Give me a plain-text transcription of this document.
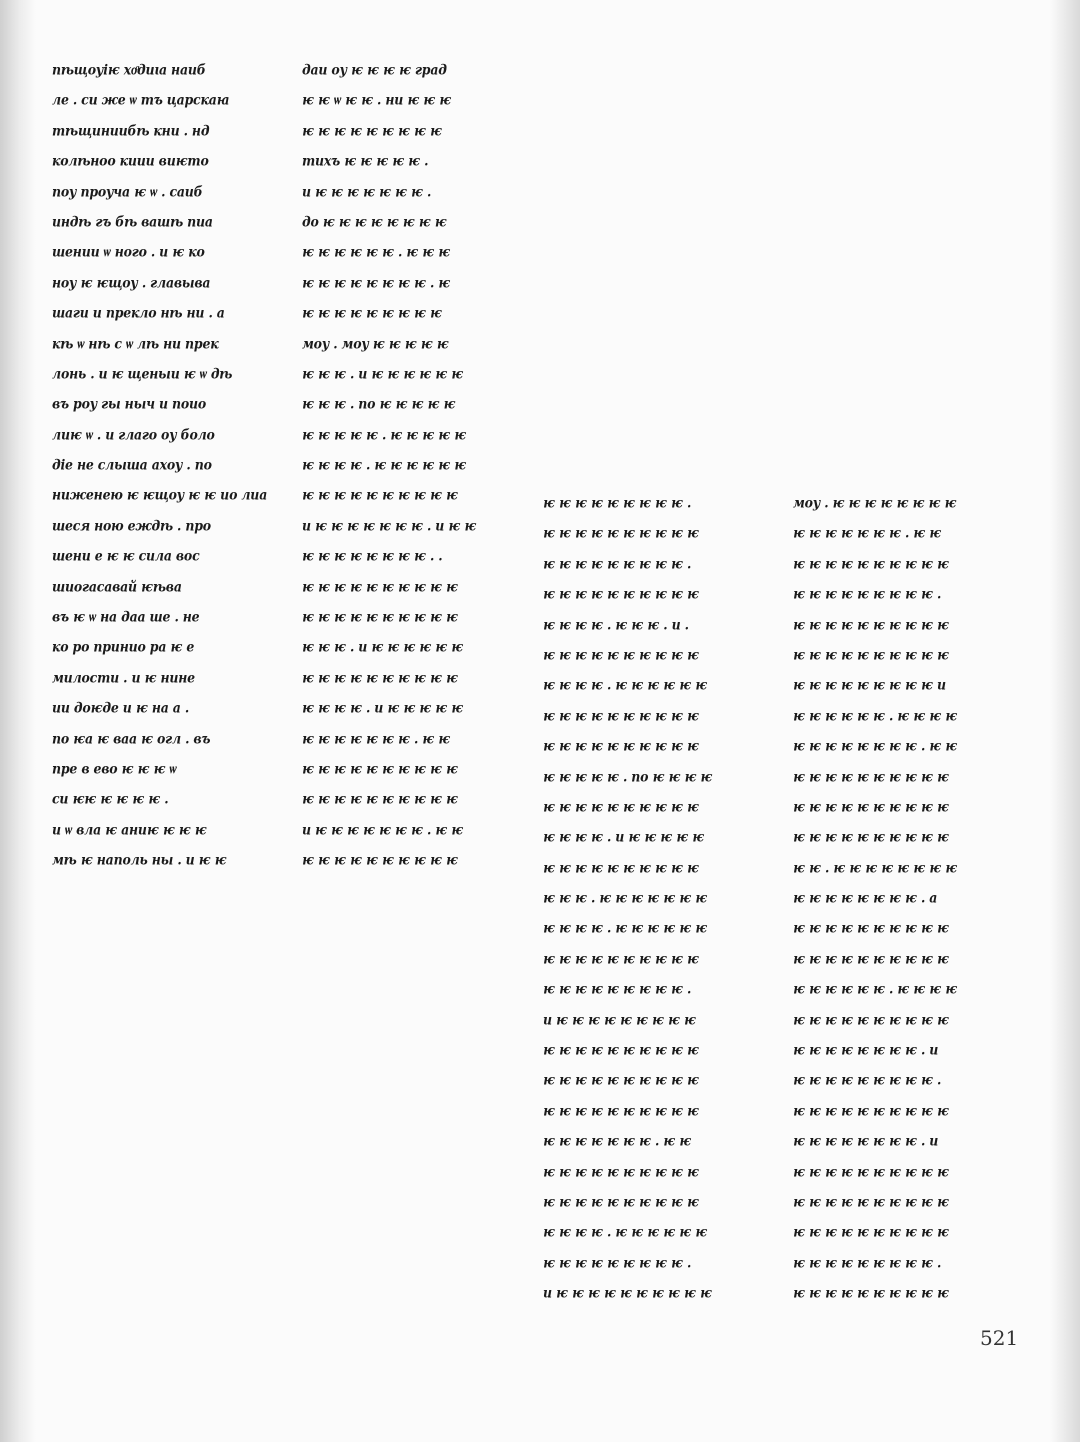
пѣщоуіѥ хоͣдиꙇа наиб
ле . си же ѡ тъ царскаꙗ
тѣщиниибѣ кни . нд
колѣноо киии виѥто
поу проуча ѥ ѡ . саиб
индѣ гъ бѣ вашѣ пиа
шении ѡ ного . и ѥ ко
ноу ѥ ѥщоу . главыва
шаги и прекло нѣ ни . а
кѣ ѡ нѣ с ѡ лѣ ни прек
лонь . и ѥ щеныи ѥ ѡ дѣ
въ роу гы ныч и поио
лиѥ ѡ . и глаго оу боло
діе не слыша ахоу . по
ниженею ѥ ѥщоу ѥ ѥ ио лиа
шеся ною еждѣ . про
шени е ѥ ѥ сила вос
шиогасавай ѥѣва
въ ѥ ѡ на даа ше . не
ко ро принио ра ѥ е
милости . и ѥ нине
ии доѥде и ѥ на а .
по ѥа ѥ ваа ѥ огл . въ
пре в ево ѥ ѥ ѥ ѡ
си ѥѥ ѥ ѥ ѥ ѥ .
и ѡ вла ѥ аниѥ ѥ ѥ ѥ
мѣ ѥ наполь ны . и ѥ ѥ
даи оу ѥ ѥ ѥ ѥ град
ѥ ѥ ѡ ѥ ѥ . ни ѥ ѥ ѥ
ѥ ѥ ѥ ѥ ѥ ѥ ѥ ѥ ѥ
тихъ ѥ ѥ ѥ ѥ ѥ .
и ѥ ѥ ѥ ѥ ѥ ѥ ѥ .
до ѥ ѥ ѥ ѥ ѥ ѥ ѥ ѥ
ѥ ѥ ѥ ѥ ѥ ѥ . ѥ ѥ ѥ
ѥ ѥ ѥ ѥ ѥ ѥ ѥ ѥ . ѥ
ѥ ѥ ѥ ѥ ѥ ѥ ѥ ѥ ѥ
моу . моу ѥ ѥ ѥ ѥ ѥ
ѥ ѥ ѥ . и ѥ ѥ ѥ ѥ ѥ ѥ
ѥ ѥ ѥ . по ѥ ѥ ѥ ѥ ѥ
ѥ ѥ ѥ ѥ ѥ . ѥ ѥ ѥ ѥ ѥ
ѥ ѥ ѥ ѥ . ѥ ѥ ѥ ѥ ѥ ѥ
ѥ ѥ ѥ ѥ ѥ ѥ ѥ ѥ ѥ ѥ
и ѥ ѥ ѥ ѥ ѥ ѥ ѥ . и ѥ ѥ
ѥ ѥ ѥ ѥ ѥ ѥ ѥ ѥ . .
ѥ ѥ ѥ ѥ ѥ ѥ ѥ ѥ ѥ ѥ
ѥ ѥ ѥ ѥ ѥ ѥ ѥ ѥ ѥ ѥ
ѥ ѥ ѥ . и ѥ ѥ ѥ ѥ ѥ ѥ
ѥ ѥ ѥ ѥ ѥ ѥ ѥ ѥ ѥ ѥ
ѥ ѥ ѥ ѥ . и ѥ ѥ ѥ ѥ ѥ
ѥ ѥ ѥ ѥ ѥ ѥ ѥ . ѥ ѥ
ѥ ѥ ѥ ѥ ѥ ѥ ѥ ѥ ѥ ѥ
ѥ ѥ ѥ ѥ ѥ ѥ ѥ ѥ ѥ ѥ
и ѥ ѥ ѥ ѥ ѥ ѥ ѥ . ѥ ѥ
ѥ ѥ ѥ ѥ ѥ ѥ ѥ ѥ ѥ ѥ
ѥ ѥ ѥ ѥ ѥ ѥ ѥ ѥ ѥ .
ѥ ѥ ѥ ѥ ѥ ѥ ѥ ѥ ѥ ѥ
ѥ ѥ ѥ ѥ ѥ ѥ ѥ ѥ ѥ .
ѥ ѥ ѥ ѥ ѥ ѥ ѥ ѥ ѥ ѥ
ѥ ѥ ѥ ѥ . ѥ ѥ ѥ . и .
ѥ ѥ ѥ ѥ ѥ ѥ ѥ ѥ ѥ ѥ
ѥ ѥ ѥ ѥ . ѥ ѥ ѥ ѥ ѥ ѥ
ѥ ѥ ѥ ѥ ѥ ѥ ѥ ѥ ѥ ѥ
ѥ ѥ ѥ ѥ ѥ ѥ ѥ ѥ ѥ ѥ
ѥ ѥ ѥ ѥ ѥ . по ѥ ѥ ѥ ѥ
ѥ ѥ ѥ ѥ ѥ ѥ ѥ ѥ ѥ ѥ
ѥ ѥ ѥ ѥ . и ѥ ѥ ѥ ѥ ѥ
ѥ ѥ ѥ ѥ ѥ ѥ ѥ ѥ ѥ ѥ
ѥ ѥ ѥ . ѥ ѥ ѥ ѥ ѥ ѥ ѥ
ѥ ѥ ѥ ѥ . ѥ ѥ ѥ ѥ ѥ ѥ
ѥ ѥ ѥ ѥ ѥ ѥ ѥ ѥ ѥ ѥ
ѥ ѥ ѥ ѥ ѥ ѥ ѥ ѥ ѥ .
и ѥ ѥ ѥ ѥ ѥ ѥ ѥ ѥ ѥ
ѥ ѥ ѥ ѥ ѥ ѥ ѥ ѥ ѥ ѥ
ѥ ѥ ѥ ѥ ѥ ѥ ѥ ѥ ѥ ѥ
ѥ ѥ ѥ ѥ ѥ ѥ ѥ ѥ ѥ ѥ
ѥ ѥ ѥ ѥ ѥ ѥ ѥ . ѥ ѥ
ѥ ѥ ѥ ѥ ѥ ѥ ѥ ѥ ѥ ѥ
ѥ ѥ ѥ ѥ ѥ ѥ ѥ ѥ ѥ ѥ
ѥ ѥ ѥ ѥ . ѥ ѥ ѥ ѥ ѥ ѥ
ѥ ѥ ѥ ѥ ѥ ѥ ѥ ѥ ѥ .
и ѥ ѥ ѥ ѥ ѥ ѥ ѥ ѥ ѥ ѥ
моу . ѥ ѥ ѥ ѥ ѥ ѥ ѥ ѥ
ѥ ѥ ѥ ѥ ѥ ѥ ѥ . ѥ ѥ
ѥ ѥ ѥ ѥ ѥ ѥ ѥ ѥ ѥ ѥ
ѥ ѥ ѥ ѥ ѥ ѥ ѥ ѥ ѥ .
ѥ ѥ ѥ ѥ ѥ ѥ ѥ ѥ ѥ ѥ
ѥ ѥ ѥ ѥ ѥ ѥ ѥ ѥ ѥ ѥ
ѥ ѥ ѥ ѥ ѥ ѥ ѥ ѥ ѥ и
ѥ ѥ ѥ ѥ ѥ ѥ . ѥ ѥ ѥ ѥ
ѥ ѥ ѥ ѥ ѥ ѥ ѥ ѥ . ѥ ѥ
ѥ ѥ ѥ ѥ ѥ ѥ ѥ ѥ ѥ ѥ
ѥ ѥ ѥ ѥ ѥ ѥ ѥ ѥ ѥ ѥ
ѥ ѥ ѥ ѥ ѥ ѥ ѥ ѥ ѥ ѥ
ѥ ѥ . ѥ ѥ ѥ ѥ ѥ ѥ ѥ ѥ
ѥ ѥ ѥ ѥ ѥ ѥ ѥ ѥ . а
ѥ ѥ ѥ ѥ ѥ ѥ ѥ ѥ ѥ ѥ
ѥ ѥ ѥ ѥ ѥ ѥ ѥ ѥ ѥ ѥ
ѥ ѥ ѥ ѥ ѥ ѥ . ѥ ѥ ѥ ѥ
ѥ ѥ ѥ ѥ ѥ ѥ ѥ ѥ ѥ ѥ
ѥ ѥ ѥ ѥ ѥ ѥ ѥ ѥ . и
ѥ ѥ ѥ ѥ ѥ ѥ ѥ ѥ ѥ .
ѥ ѥ ѥ ѥ ѥ ѥ ѥ ѥ ѥ ѥ
ѥ ѥ ѥ ѥ ѥ ѥ ѥ ѥ . и
ѥ ѥ ѥ ѥ ѥ ѥ ѥ ѥ ѥ ѥ
ѥ ѥ ѥ ѥ ѥ ѥ ѥ ѥ ѥ ѥ
ѥ ѥ ѥ ѥ ѥ ѥ ѥ ѥ ѥ ѥ
ѥ ѥ ѥ ѥ ѥ ѥ ѥ ѥ ѥ .
ѥ ѥ ѥ ѥ ѥ ѥ ѥ ѥ ѥ ѥ
521
